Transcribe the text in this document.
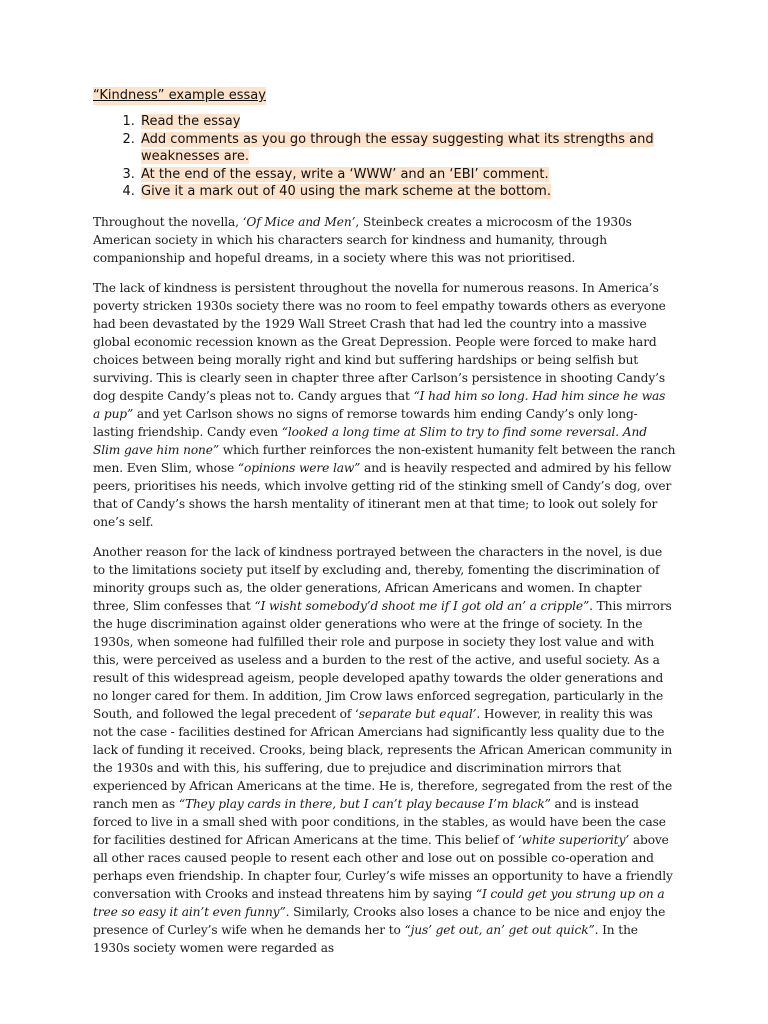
“Kindness” example essay
1. Read the essay
2. Add comments as you go through the essay suggesting what its strengths and weaknesses are.
3. At the end of the essay, write a ‘WWW’ and an ‘EBI’ comment.
4. Give it a mark out of 40 using the mark scheme at the bottom.

Throughout the novella, ‘Of Mice and Men’, Steinbeck creates a microcosm of the 1930s American society in which his characters search for kindness and humanity, through companionship and hopeful dreams, in a society where this was not prioritised.

The lack of kindness is persistent throughout the novella for numerous reasons. In America’s poverty stricken 1930s society there was no room to feel empathy towards others as everyone had been devastated by the 1929 Wall Street Crash that had led the country into a massive global economic recession known as the Great Depression. People were forced to make hard choices between being morally right and kind but suffering hardships or being selfish but surviving. This is clearly seen in chapter three after Carlson’s persistence in shooting Candy’s dog despite Candy’s pleas not to. Candy argues that “I had him so long. Had him since he was a pup” and yet Carlson shows no signs of remorse towards him ending Candy’s only long-lasting friendship. Candy even “looked a long time at Slim to try to find some reversal. And Slim gave him none” which further reinforces the non-existent humanity felt between the ranch men. Even Slim, whose “opinions were law” and is heavily respected and admired by his fellow peers, prioritises his needs, which involve getting rid of the stinking smell of Candy’s dog, over that of Candy’s shows the harsh mentality of itinerant men at that time; to look out solely for one’s self.

Another reason for the lack of kindness portrayed between the characters in the novel, is due to the limitations society put itself by excluding and, thereby, fomenting the discrimination of minority groups such as, the older generations, African Americans and women. In chapter three, Slim confesses that “I wisht somebody’d shoot me if I got old an’ a cripple”. This mirrors the huge discrimination against older generations who were at the fringe of society. In the 1930s, when someone had fulfilled their role and purpose in society they lost value and with this, were perceived as useless and a burden to the rest of the active, and useful society. As a result of this widespread ageism, people developed apathy towards the older generations and no longer cared for them. In addition, Jim Crow laws enforced segregation, particularly in the South, and followed the legal precedent of ‘separate but equal’. However, in reality this was not the case - facilities destined for African Amercians had significantly less quality due to the lack of funding it received. Crooks, being black, represents the African American community in the 1930s and with this, his suffering, due to prejudice and discrimination mirrors that experienced by African Americans at the time. He is, therefore, segregated from the rest of the ranch men as “They play cards in there, but I can’t play because I’m black” and is instead forced to live in a small shed with poor conditions, in the stables, as would have been the case for facilities destined for African Americans at the time. This belief of ‘white superiority’ above all other races caused people to resent each other and lose out on possible co-operation and perhaps even friendship. In chapter four, Curley’s wife misses an opportunity to have a friendly conversation with Crooks and instead threatens him by saying “I could get you strung up on a tree so easy it ain’t even funny”. Similarly, Crooks also loses a chance to be nice and enjoy the presence of Curley’s wife when he demands her to “jus’ get out, an’ get out quick”. In the 1930s society women were regarded as
